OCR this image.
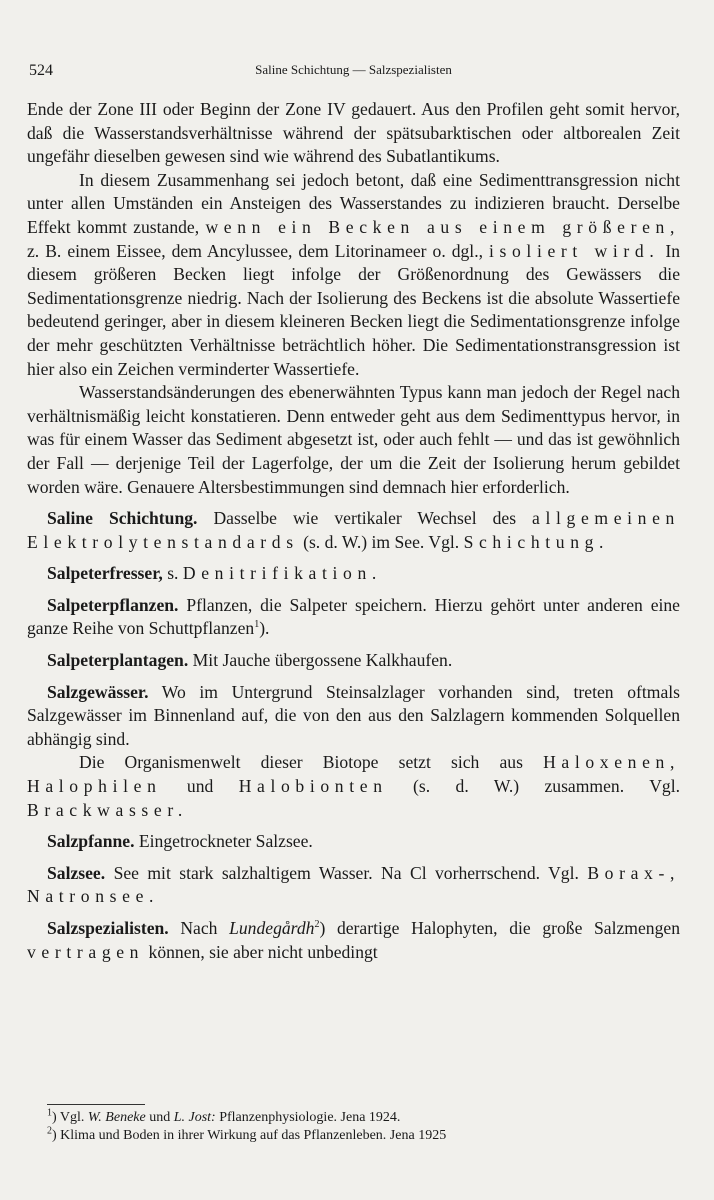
524	Saline Schichtung — Salzspezialisten

Ende der Zone III oder Beginn der Zone IV gedauert. Aus den Profilen geht somit hervor, daß die Wasserstandsverhältnisse während der spätsubarktischen oder altborealen Zeit ungefähr dieselben gewesen sind wie während des Subatlantikums.

In diesem Zusammenhang sei jedoch betont, daß eine Sedimenttransgression nicht unter allen Umständen ein Ansteigen des Wasserstandes zu indizieren braucht. Derselbe Effekt kommt zustande, wenn ein Becken aus einem größeren, z. B. einem Eissee, dem Ancylussee, dem Litorinameer o. dgl., isoliert wird. In diesem größeren Becken liegt infolge der Größenordnung des Gewässers die Sedimentationsgrenze niedrig. Nach der Isolierung des Beckens ist die absolute Wassertiefe bedeutend geringer, aber in diesem kleineren Becken liegt die Sedimentationsgrenze infolge der mehr geschützten Verhältnisse beträchtlich höher. Die Sedimentationstransgression ist hier also ein Zeichen verminderter Wassertiefe.

Wasserstandsänderungen des ebenerwähnten Typus kann man jedoch der Regel nach verhältnismäßig leicht konstatieren. Denn entweder geht aus dem Sedimenttypus hervor, in was für einem Wasser das Sediment abgesetzt ist, oder auch fehlt — und das ist gewöhnlich der Fall — derjenige Teil der Lagerfolge, der um die Zeit der Isolierung herum gebildet worden wäre. Genauere Altersbestimmungen sind demnach hier erforderlich.

Saline Schichtung. Dasselbe wie vertikaler Wechsel des allgemeinen Elektrolytenstandards (s. d. W.) im See. Vgl. Schichtung.

Salpeterfresser, s. Denitrifikation.

Salpeterpflanzen. Pflanzen, die Salpeter speichern. Hierzu gehört unter anderen eine ganze Reihe von Schuttpflanzen$^1$).

Salpeterplantagen. Mit Jauche übergossene Kalkhaufen.

Salzgewässer. Wo im Untergrund Steinsalzlager vorhanden sind, treten oftmals Salzgewässer im Binnenland auf, die von den aus den Salzlagern kommenden Solquellen abhängig sind.

Die Organismenwelt dieser Biotope setzt sich aus Haloxenen, Halophilen und Halobionten (s. d. W.) zusammen. Vgl. Brackwasser.

Salzpfanne. Eingetrockneter Salzsee.

Salzsee. See mit stark salzhaltigem Wasser. Na Cl vorherrschend. Vgl. Borax-, Natronsee.

Salzspezialisten. Nach Lundegårdh$^2$) derartige Halophyten, die große Salzmengen vertragen können, sie aber nicht unbedingt

$^1$) Vgl. W. Beneke und L. Jost: Pflanzenphysiologie. Jena 1924.

$^2$) Klima und Boden in ihrer Wirkung auf das Pflanzenleben. Jena 1925
